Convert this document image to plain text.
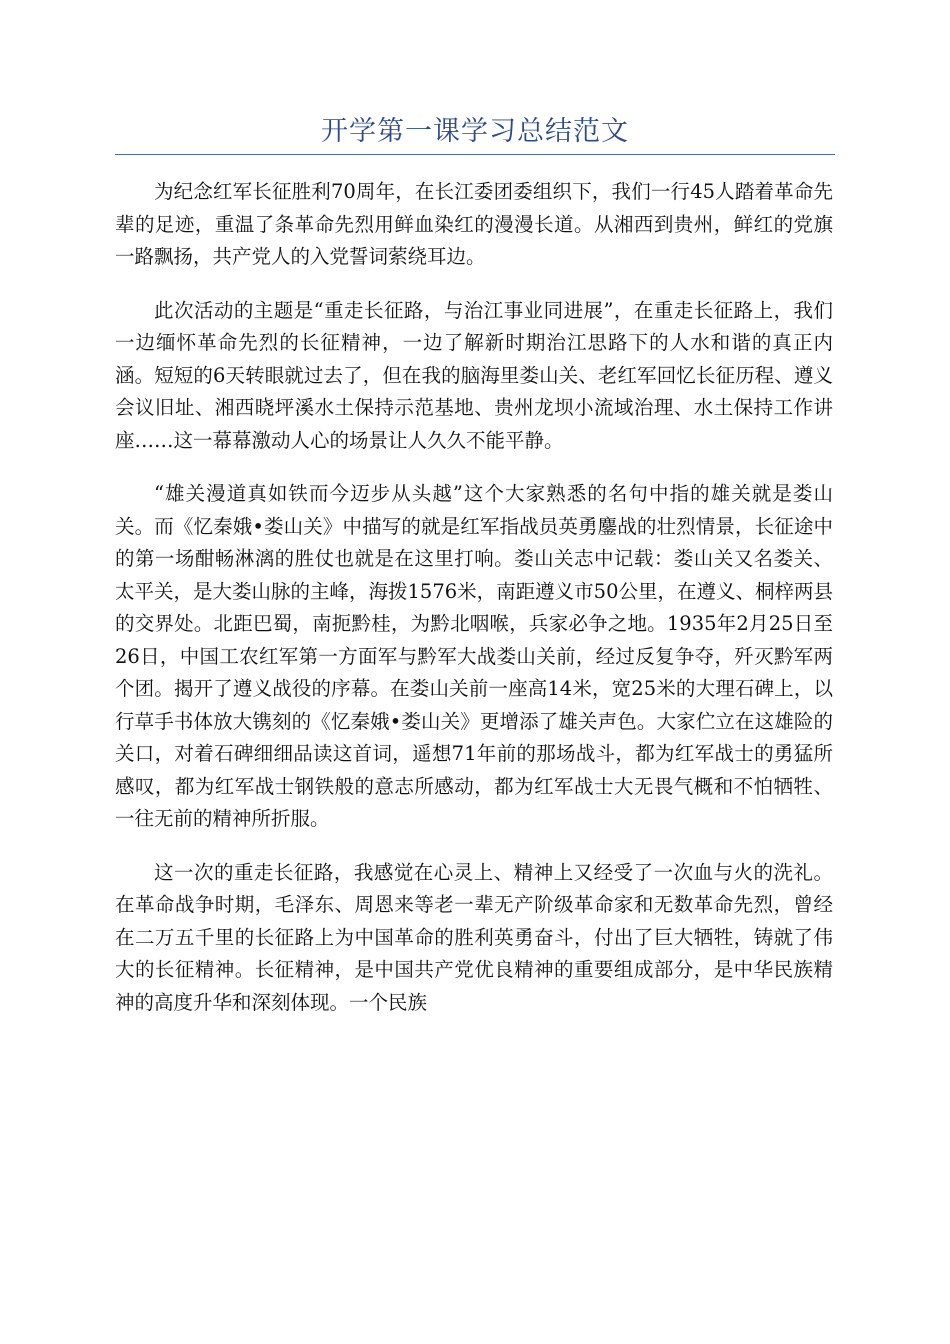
开学第一课学习总结范文

为纪念红军长征胜利70周年，在长江委团委组织下，我们一行45人踏着革命先辈的足迹，重温了条革命先烈用鲜血染红的漫漫长道。从湘西到贵州，鲜红的党旗一路飘扬，共产党人的入党誓词萦绕耳边。

此次活动的主题是“重走长征路，与治江事业同进展”，在重走长征路上，我们一边缅怀革命先烈的长征精神，一边了解新时期治江思路下的人水和谐的真正内涵。短短的6天转眼就过去了，但在我的脑海里娄山关、老红军回忆长征历程、遵义会议旧址、湘西晓坪溪水土保持示范基地、贵州龙坝小流域治理、水土保持工作讲座……这一幕幕激动人心的场景让人久久不能平静。

“雄关漫道真如铁而今迈步从头越”这个大家熟悉的名句中指的雄关就是娄山关。而《忆秦娥•娄山关》中描写的就是红军指战员英勇鏖战的壮烈情景，长征途中的第一场酣畅淋漓的胜仗也就是在这里打响。娄山关志中记载：娄山关又名娄关、太平关，是大娄山脉的主峰，海拨1576米，南距遵义市50公里，在遵义、桐梓两县的交界处。北距巴蜀，南扼黔桂，为黔北咽喉，兵家必争之地。1935年2月25日至26日，中国工农红军第一方面军与黔军大战娄山关前，经过反复争夺，歼灭黔军两个团。揭开了遵义战役的序幕。在娄山关前一座高14米，宽25米的大理石碑上，以行草手书体放大镌刻的《忆秦娥•娄山关》更增添了雄关声色。大家伫立在这雄险的关口，对着石碑细细品读这首词，遥想71年前的那场战斗，都为红军战士的勇猛所感叹，都为红军战士钢铁般的意志所感动，都为红军战士大无畏气概和不怕牺牲、一往无前的精神所折服。

这一次的重走长征路，我感觉在心灵上、精神上又经受了一次血与火的洗礼。在革命战争时期，毛泽东、周恩来等老一辈无产阶级革命家和无数革命先烈，曾经在二万五千里的长征路上为中国革命的胜利英勇奋斗，付出了巨大牺牲，铸就了伟大的长征精神。长征精神，是中国共产党优良精神的重要组成部分，是中华民族精神的高度升华和深刻体现。一个民族
